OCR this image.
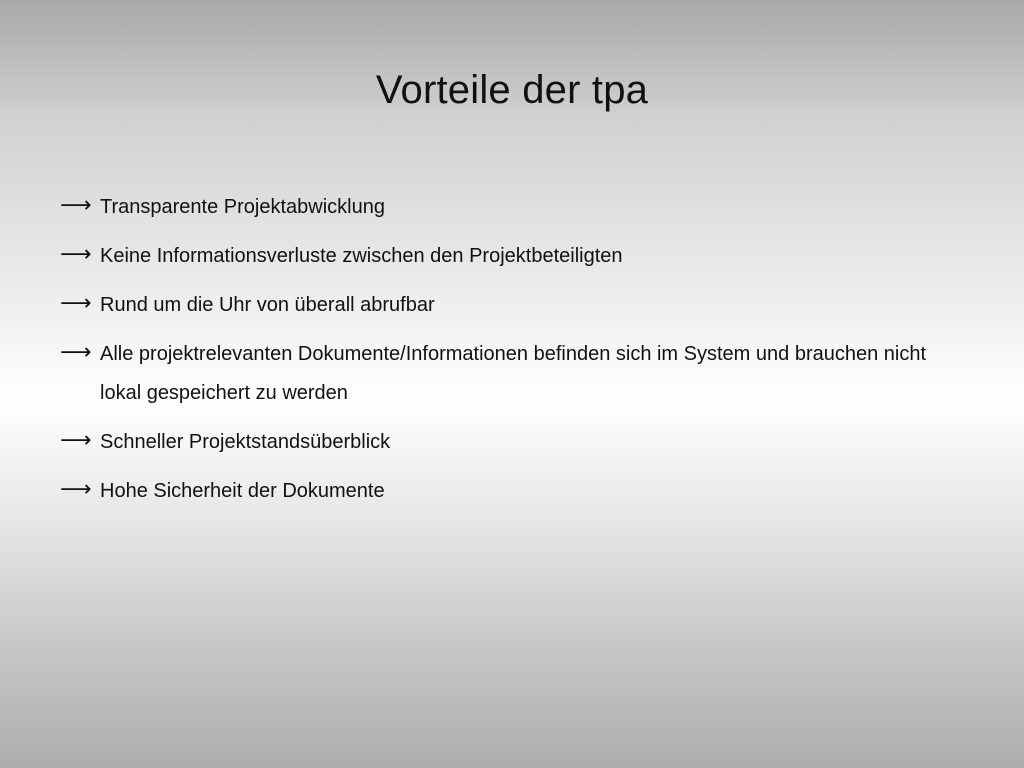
Vorteile der tpa
⟶ Transparente Projektabwicklung
⟶ Keine Informationsverluste zwischen den Projektbeteiligten
⟶ Rund um die Uhr von überall abrufbar
⟶ Alle projektrelevanten Dokumente/Informationen befinden sich im System und brauchen nicht lokal gespeichert zu werden
⟶ Schneller Projektstandsüberblick
⟶ Hohe Sicherheit der Dokumente
